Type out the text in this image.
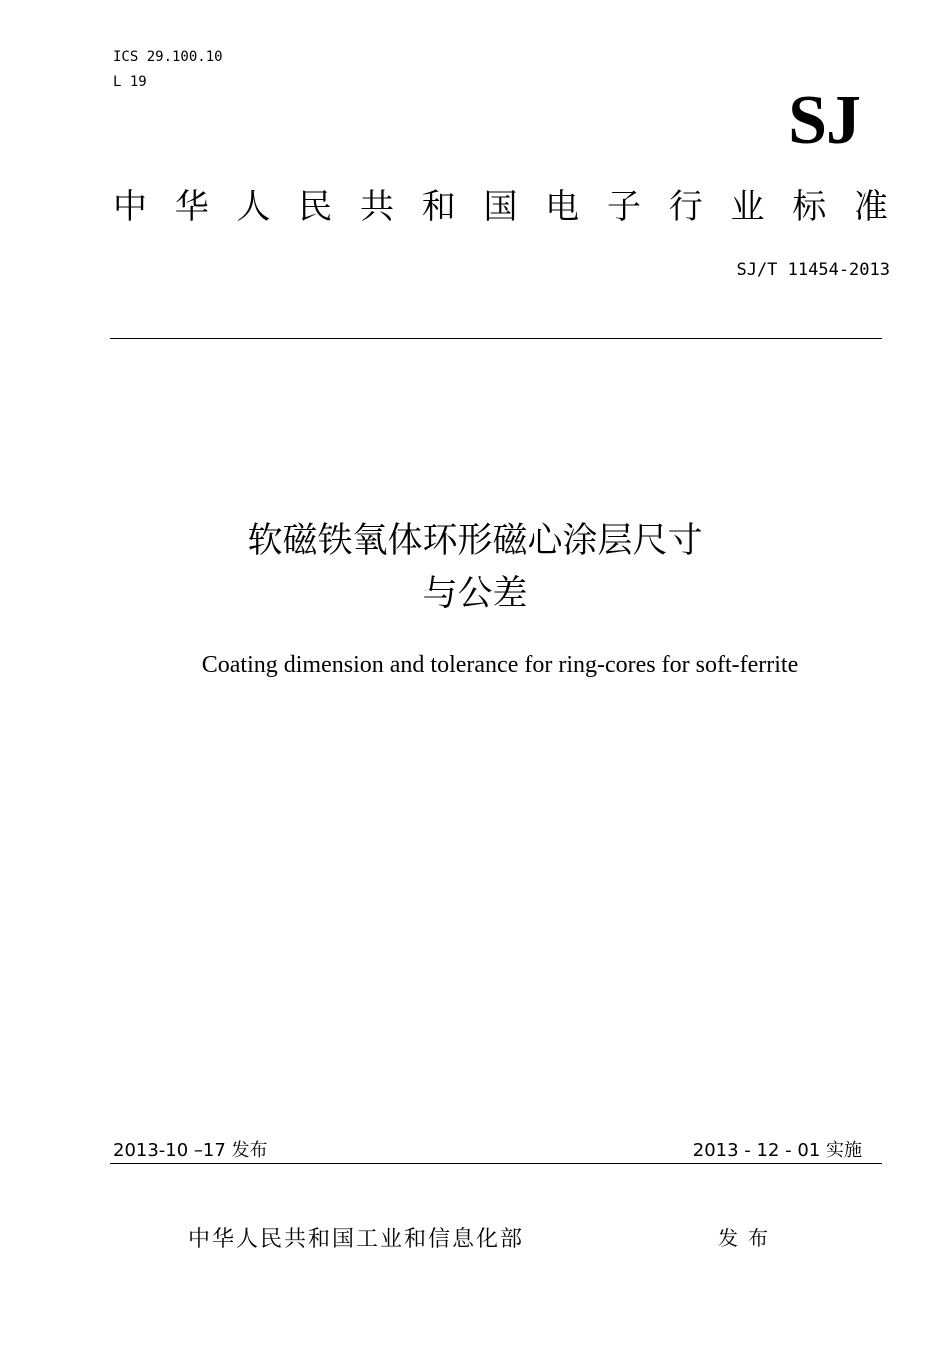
ICS 29.100.10
L 19	SJ
中 华 人 民 共 和 国 电 子 行 业 标 准
SJ/T 11454-2013
软磁铁氧体环形磁心涂层尺寸
与公差
Coating dimension and tolerance for ring-cores for soft-ferrite
2013-10 –17 发布	2013 - 12 - 01 实施
中华人民共和国工业和信息化部	发布
